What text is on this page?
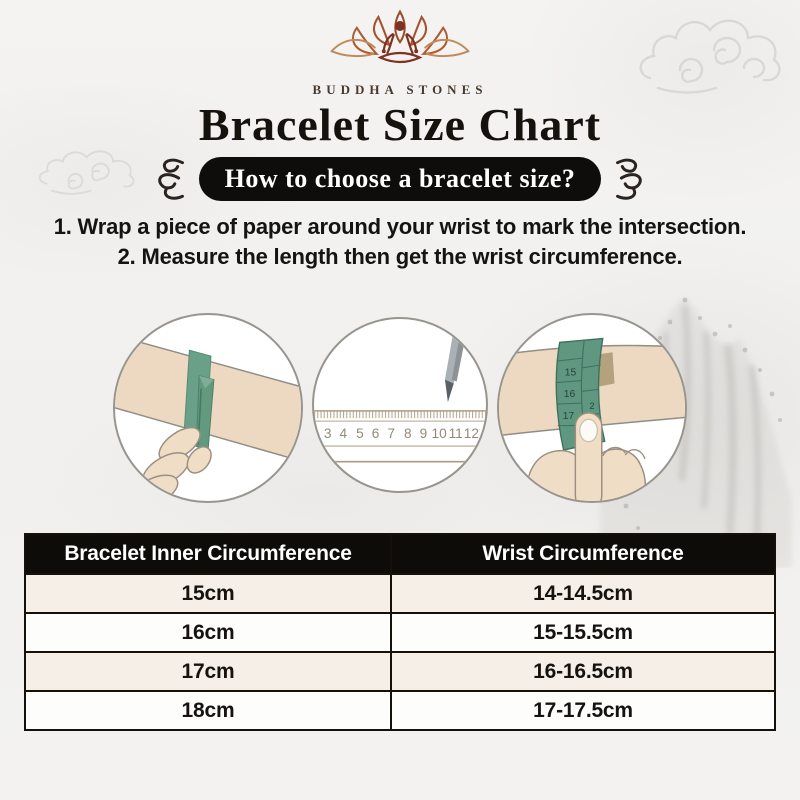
BUDDHA STONES
Bracelet Size Chart
How to choose a bracelet size?
1. Wrap a piece of paper around your wrist to mark the intersection.
2. Measure the length then get the wrist circumference.
3 4 5 6 7 8 9 10 11 12
15
16
17
2
Bracelet Inner Circumference	Wrist Circumference
15cm	14-14.5cm
16cm	15-15.5cm
17cm	16-16.5cm
18cm	17-17.5cm
